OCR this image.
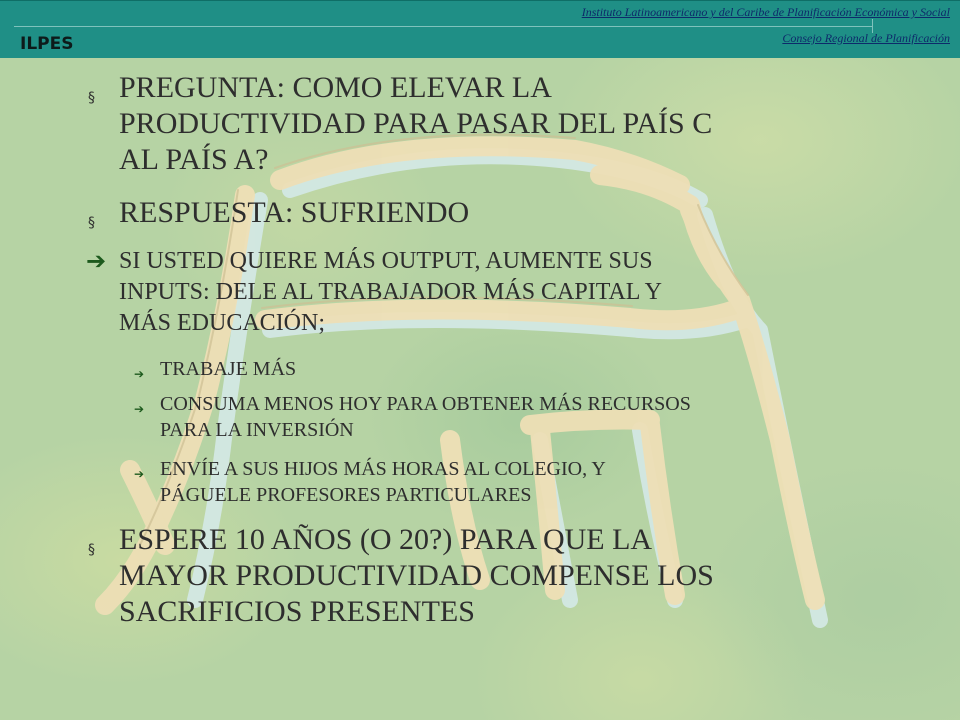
ILPES
Instituto Latinoamericano y del Caribe de Planificación Económica y Social
Consejo Regional de Planificación
§ PREGUNTA: COMO ELEVAR LA
PRODUCTIVIDAD PARA PASAR DEL PAÍS C
AL PAÍS A?
§ RESPUESTA: SUFRIENDO
➔ SI USTED QUIERE MÁS OUTPUT, AUMENTE SUS
INPUTS: DELE AL TRABAJADOR MÁS CAPITAL Y
MÁS EDUCACIÓN;
➔ TRABAJE MÁS
➔ CONSUMA MENOS HOY PARA OBTENER MÁS RECURSOS
PARA LA INVERSIÓN
➔ ENVÍE A SUS HIJOS MÁS HORAS AL COLEGIO, Y
PÁGUELE PROFESORES PARTICULARES
§ ESPERE 10 AÑOS (O 20?) PARA QUE LA
MAYOR PRODUCTIVIDAD COMPENSE LOS
SACRIFICIOS PRESENTES
